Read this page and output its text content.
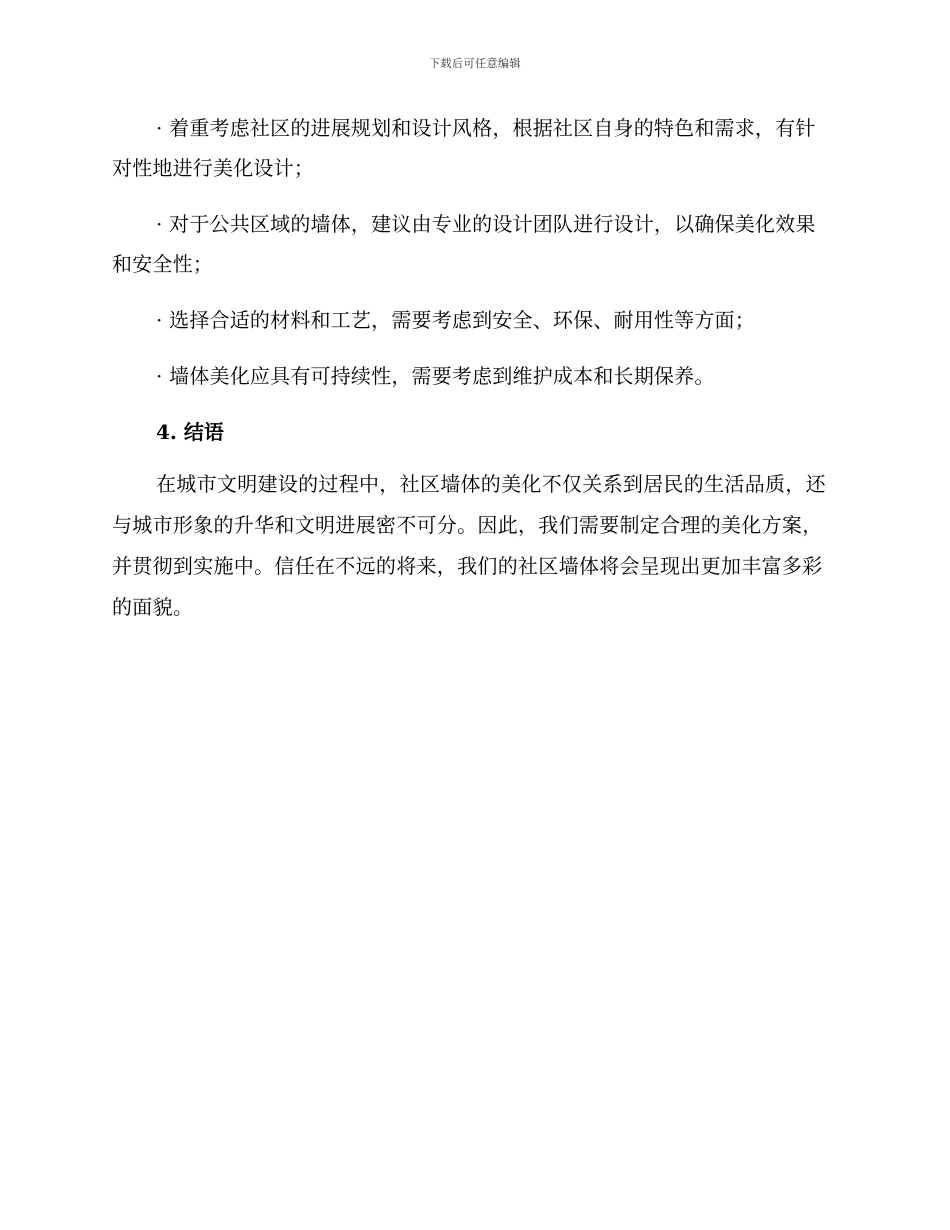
下载后可任意编辑

· 着重考虑社区的进展规划和设计风格，根据社区自身的特色和需求，有针对性地进行美化设计；

· 对于公共区域的墙体，建议由专业的设计团队进行设计，以确保美化效果和安全性；

· 选择合适的材料和工艺，需要考虑到安全、环保、耐用性等方面；

· 墙体美化应具有可持续性，需要考虑到维护成本和长期保养。

4. 结语

在城市文明建设的过程中，社区墙体的美化不仅关系到居民的生活品质，还与城市形象的升华和文明进展密不可分。因此，我们需要制定合理的美化方案，并贯彻到实施中。信任在不远的将来，我们的社区墙体将会呈现出更加丰富多彩的面貌。
